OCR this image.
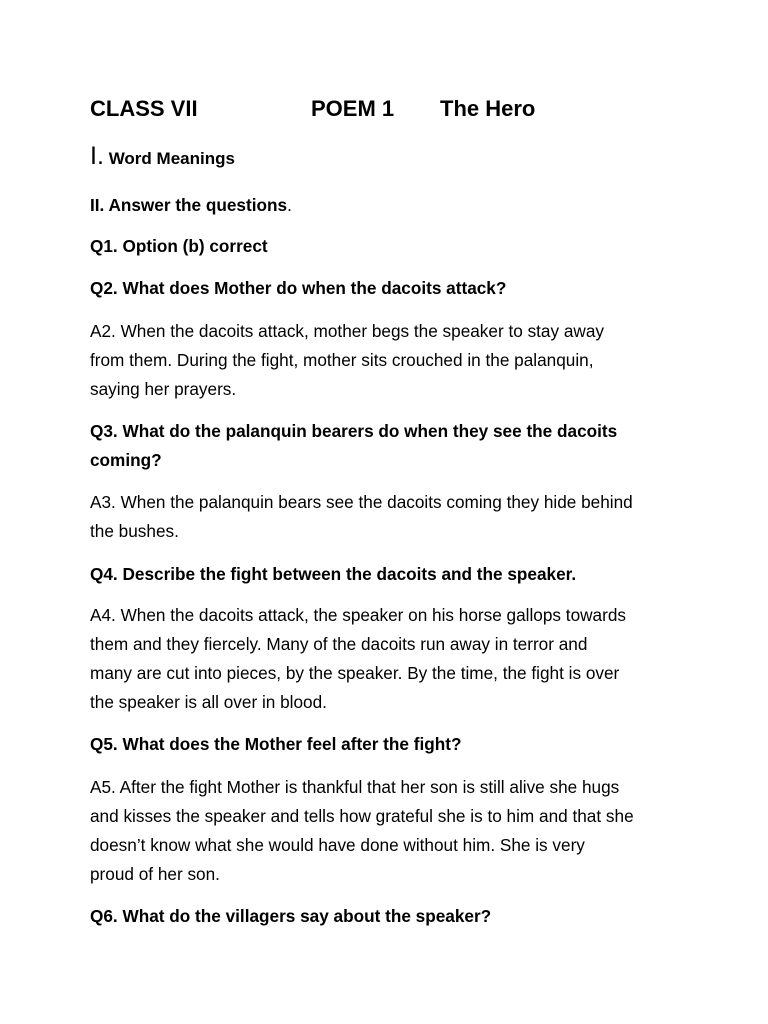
CLASS VII	POEM 1 The Hero
I. Word Meanings
II. Answer the questions.
Q1. Option (b) correct
Q2. What does Mother do when the dacoits attack?
A2. When the dacoits attack, mother begs the speaker to stay away
from them. During the fight, mother sits crouched in the palanquin,
saying her prayers.
Q3. What do the palanquin bearers do when they see the dacoits
coming?
A3. When the palanquin bears see the dacoits coming they hide behind
the bushes.
Q4. Describe the fight between the dacoits and the speaker.
A4. When the dacoits attack, the speaker on his horse gallops towards
them and they fiercely. Many of the dacoits run away in terror and
many are cut into pieces, by the speaker. By the time, the fight is over
the speaker is all over in blood.
Q5. What does the Mother feel after the fight?
A5. After the fight Mother is thankful that her son is still alive she hugs
and kisses the speaker and tells how grateful she is to him and that she
doesn’t know what she would have done without him. She is very
proud of her son.
Q6. What do the villagers say about the speaker?
